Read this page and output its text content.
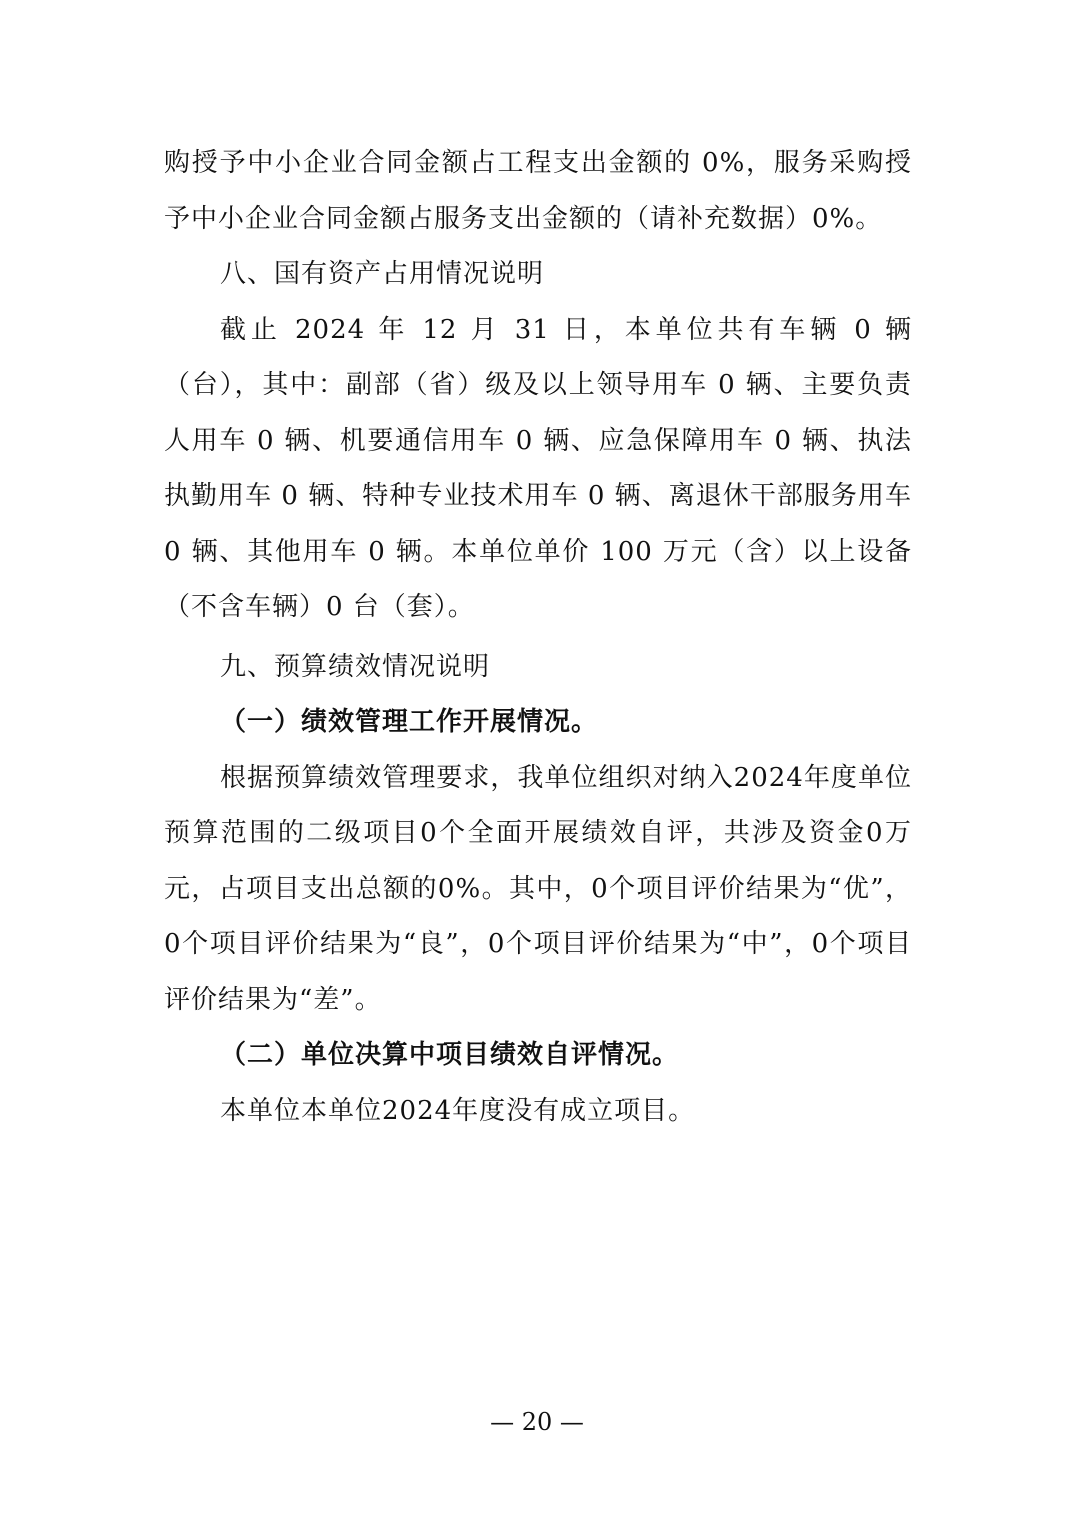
购授予中小企业合同金额占工程支出金额的 0%，服务采购授予中小企业合同金额占服务支出金额的（请补充数据）0%。

八、国有资产占用情况说明

截止 2024 年 12 月 31 日，本单位共有车辆 0 辆（台），其中：副部（省）级及以上领导用车 0 辆、主要负责人用车 0 辆、机要通信用车 0 辆、应急保障用车 0 辆、执法执勤用车 0 辆、特种专业技术用车 0 辆、离退休干部服务用车 0 辆、其他用车 0 辆。本单位单价 100 万元（含）以上设备（不含车辆）0 台（套）。

九、预算绩效情况说明

（一）绩效管理工作开展情况。

根据预算绩效管理要求，我单位组织对纳入2024年度单位预算范围的二级项目0个全面开展绩效自评，共涉及资金0万元，占项目支出总额的0%。其中，0个项目评价结果为“优”，0个项目评价结果为“良”，0个项目评价结果为“中”，0个项目评价结果为“差”。

（二）单位决算中项目绩效自评情况。

本单位本单位2024年度没有成立项目。

— 20 —
